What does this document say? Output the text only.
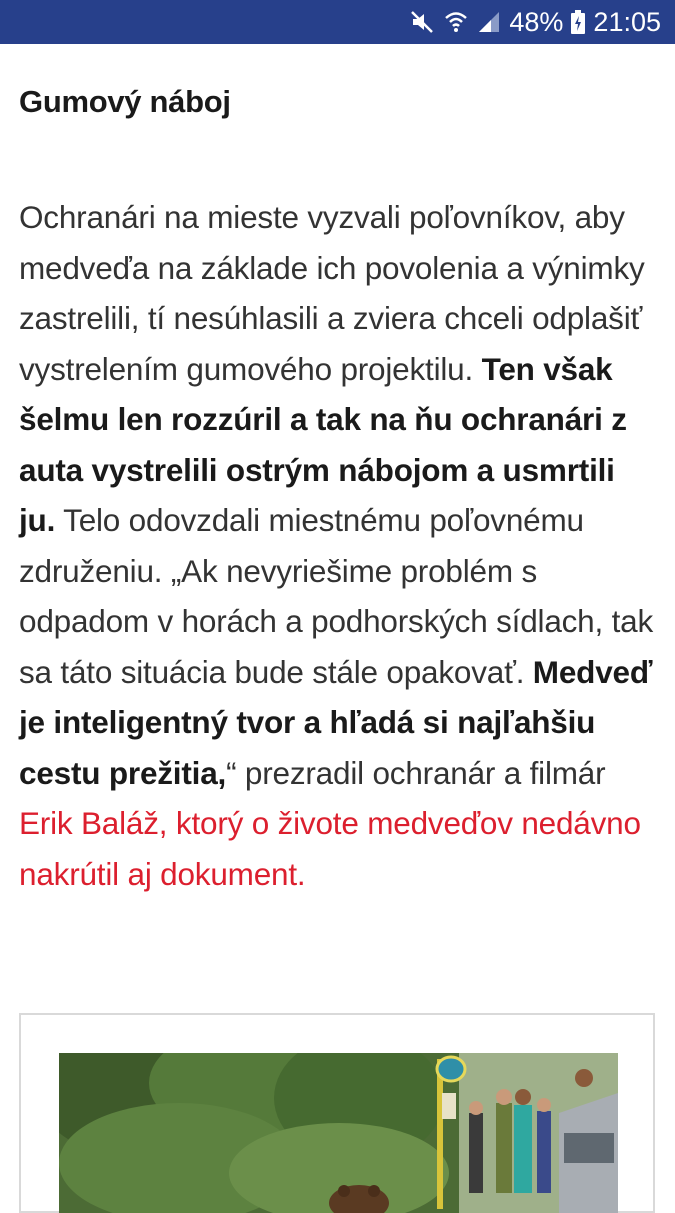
48% 21:05
Gumový náboj

Ochranári na mieste vyzvali poľovníkov, aby medveďa na základe ich povolenia a výnimky zastrelili, tí nesúhlasili a zviera chceli odplašiť vystrelením gumového projektilu. Ten však šelmu len rozzúril a tak na ňu ochranári z auta vystrelili ostrým nábojom a usmrtili ju. Telo odovzdali miestnému poľovnému združeniu. „Ak nevyriešime problém s odpadom v horách a podhorských sídlach, tak sa táto situácia bude stále opakovať. Medveď je inteligentný tvor a hľadá si najľahšiu cestu prežitia,“ prezradil ochranár a filmár Erik Baláž, ktorý o živote medveďov nedávno nakrútil aj dokument.
